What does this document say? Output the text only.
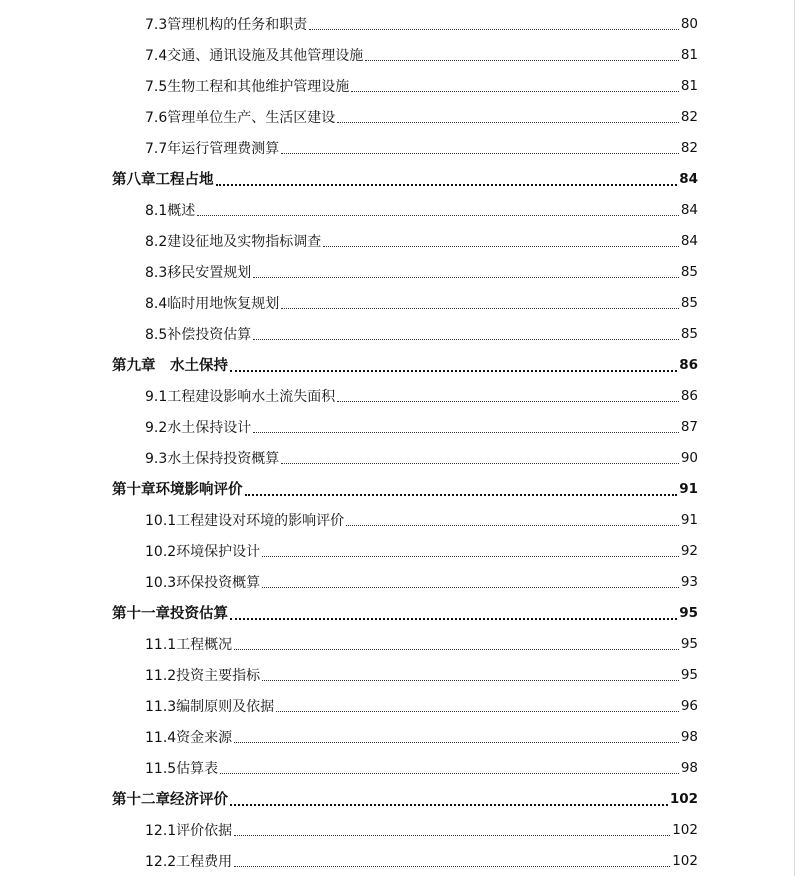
7.3管理机构的任务和职责	80
7.4交通、通讯设施及其他管理设施	81
7.5生物工程和其他维护管理设施	81
7.6管理单位生产、生活区建设	82
7.7年运行管理费测算	82
第八章工程占地	84
8.1概述	84
8.2建设征地及实物指标调查	84
8.3移民安置规划	85
8.4临时用地恢复规划	85
8.5补偿投资估算	85
第九章　水土保持	86
9.1工程建设影响水土流失面积	86
9.2水土保持设计	87
9.3水土保持投资概算	90
第十章环境影响评价	91
10.1工程建设对环境的影响评价	91
10.2环境保护设计	92
10.3环保投资概算	93
第十一章投资估算	95
11.1工程概况	95
11.2投资主要指标	95
11.3编制原则及依据	96
11.4资金来源	98
11.5估算表	98
第十二章经济评价	102
12.1评价依据	102
12.2工程费用	102
